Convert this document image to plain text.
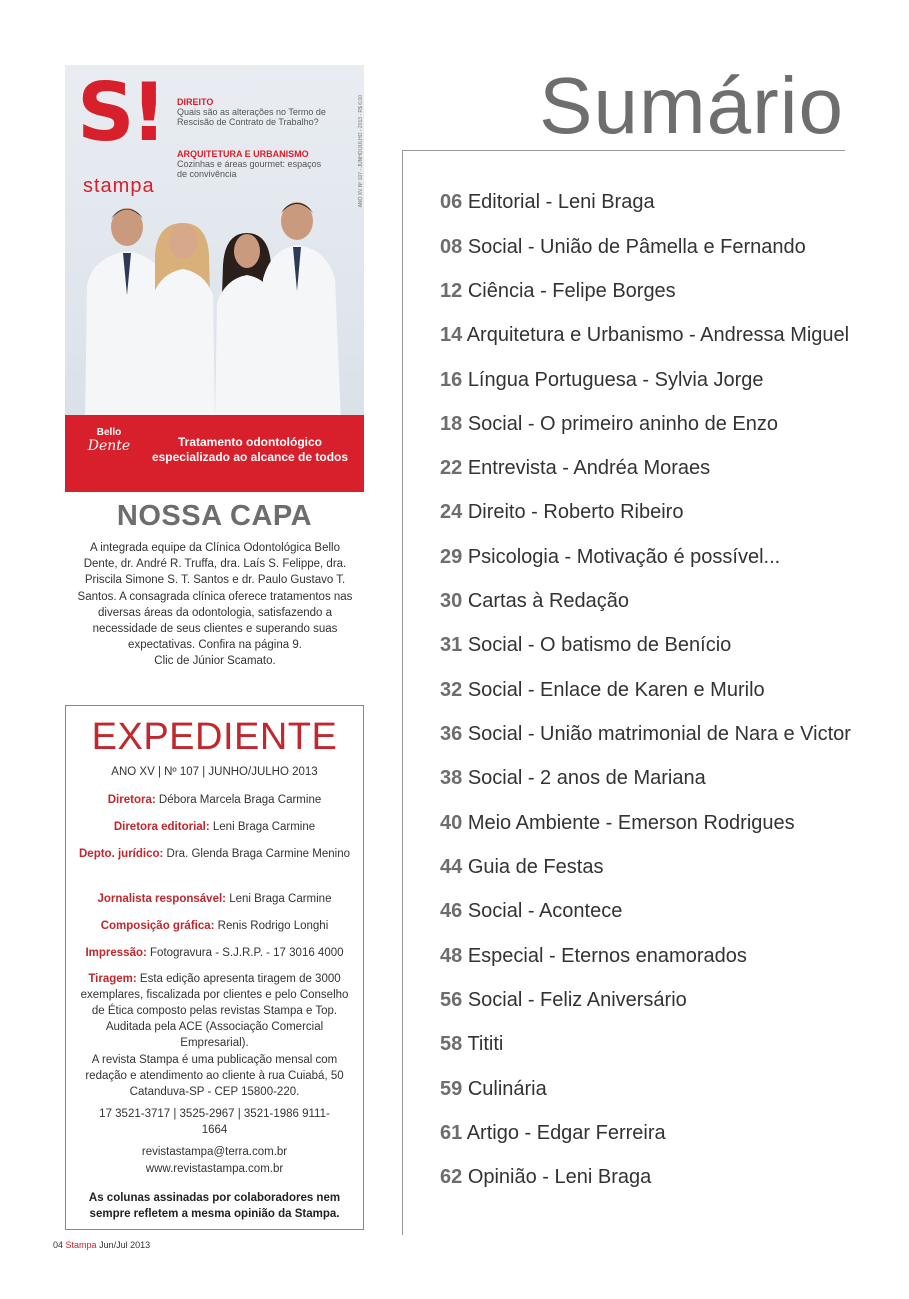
S!
stampa
DIREITO
Quais são as alterações no Termo de Rescisão de Contrato de Trabalho?
ARQUITETURA E URBANISMO
Cozinhas e áreas gourmet: espaços de convivência	ANO XV Nº 107 - JUNHO/JULHO - 2013 - R$ 6,00
Bello
Dente	Tratamento odontológico especializado ao alcance de todos
NOSSA CAPA
A integrada equipe da Clínica Odontológica Bello Dente, dr. André R. Truffa, dra. Laís S. Felippe, dra. Priscila Simone S. T. Santos e dr. Paulo Gustavo T. Santos. A consagrada clínica oferece tratamentos nas diversas áreas da odontologia, satisfazendo a necessidade de seus clientes e superando suas expectativas. Confira na página 9.
Clic de Júnior Scamato.
EXPEDIENTE
ANO XV | Nº 107 | JUNHO/JULHO 2013
Diretora: Débora Marcela Braga Carmine
Diretora editorial: Leni Braga Carmine
Depto. jurídico: Dra. Glenda Braga Carmine Menino
Jornalista responsável: Leni Braga Carmine
Composição gráfica: Renis Rodrigo Longhi
Impressão: Fotogravura - S.J.R.P. - 17 3016 4000
Tiragem: Esta edição apresenta tiragem de 3000 exemplares, fiscalizada por clientes e pelo Conselho de Ética composto pelas revistas Stampa e Top. Auditada pela ACE (Associação Comercial Empresarial).
A revista Stampa é uma publicação mensal com redação e atendimento ao cliente à rua Cuiabá, 50 Catanduva-SP - CEP 15800-220.
17 3521-3717 | 3525-2967 | 3521-1986 9111-1664
revistastampa@terra.com.br
www.revistastampa.com.br
As colunas assinadas por colaboradores nem sempre refletem a mesma opinião da Stampa.
04 Stampa Jun/Jul 2013
Sumário
06 Editorial - Leni Braga
08 Social - União de Pâmella e Fernando
12 Ciência - Felipe Borges
14 Arquitetura e Urbanismo - Andressa Miguel
16 Língua Portuguesa - Sylvia Jorge
18 Social - O primeiro aninho de Enzo
22 Entrevista - Andréa Moraes
24 Direito - Roberto Ribeiro
29 Psicologia - Motivação é possível...
30 Cartas à Redação
31 Social - O batismo de Benício
32 Social - Enlace de Karen e Murilo
36 Social - União matrimonial de Nara e Victor
38 Social - 2 anos de Mariana
40 Meio Ambiente - Emerson Rodrigues
44 Guia de Festas
46 Social - Acontece
48 Especial - Eternos enamorados
56 Social - Feliz Aniversário
58 Tititi
59 Culinária
61 Artigo - Edgar Ferreira
62 Opinião - Leni Braga
